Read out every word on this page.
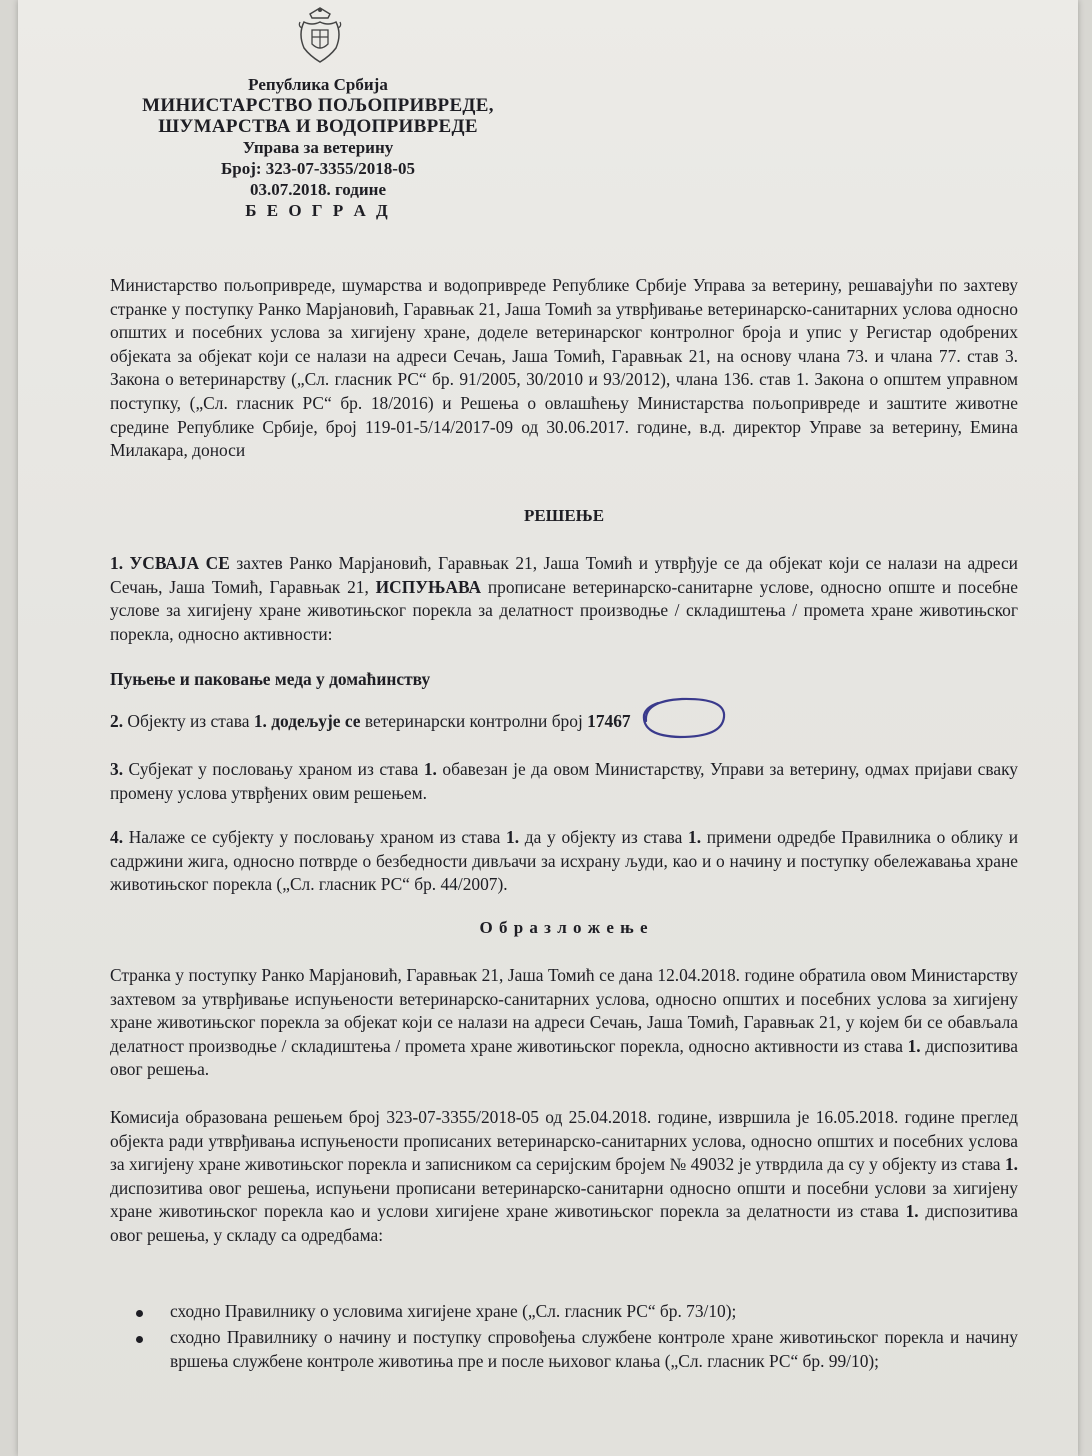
Република Србија
МИНИСТАРСТВО ПОЉОПРИВРЕДЕ,
ШУМАРСТВА И ВОДОПРИВРЕДЕ
Управа за ветерину
Број: 323-07-3355/2018-05
03.07.2018. године
Б Е О Г Р А Д

Министарство пољопривреде, шумарства и водопривреде Републике Србије Управа за ветерину, решавајући по захтеву странке у поступку Ранко Марјановић, Гаравњак 21, Јаша Томић за утврђивање ветеринарско-санитарних услова односно општих и посебних услова за хигијену хране, доделе ветеринарског контролног броја и упис у Регистар одобрених објеката за објекат који се налази на адреси Сечањ, Јаша Томић, Гаравњак 21, на основу члана 73. и члана 77. став 3. Закона о ветеринарству („Сл. гласник РС“ бр. 91/2005, 30/2010 и 93/2012), члана 136. став 1. Закона о општем управном поступку, („Сл. гласник РС“ бр. 18/2016) и Решења о овлашћењу Министарства пољопривреде и заштите животне средине Републике Србије, број 119-01-5/14/2017-09 од 30.06.2017. године, в.д. директор Управе за ветерину, Емина Милакара, доноси

РЕШЕЊЕ

1. УСВАЈА СЕ захтев Ранко Марјановић, Гаравњак 21, Јаша Томић и утврђује се да објекат који се налази на адреси Сечањ, Јаша Томић, Гаравњак 21, ИСПУЊАВА прописане ветеринарско-санитарне услове, односно опште и посебне услове за хигијену хране животињског порекла за делатност производње / складиштења / промета хране животињског порекла, односно активности:

Пуњење и паковање меда у домаћинству

2. Објекту из става 1. додељује се ветеринарски контролни број 17467

3. Субјекат у пословању храном из става 1. обавезан је да овом Министарству, Управи за ветерину, одмах пријави сваку промену услова утврђених овим решењем.

4. Налаже се субјекту у пословању храном из става 1. да у објекту из става 1. примени одредбе Правилника о облику и садржини жига, односно потврде о безбедности дивљачи за исхрану људи, као и о начину и поступку обележавања хране животињског порекла („Сл. гласник РС“ бр. 44/2007).

О б р а з л о ж е њ е

Странка у поступку Ранко Марјановић, Гаравњак 21, Јаша Томић се дана 12.04.2018. године обратила овом Министарству захтевом за утврђивање испуњености ветеринарско-санитарних услова, односно општих и посебних услова за хигијену хране животињског порекла за објекат који се налази на адреси Сечањ, Јаша Томић, Гаравњак 21, у којем би се обављала делатност производње / складиштења / промета хране животињског порекла, односно активности из става 1. диспозитива овог решења.

Комисија образована решењем број 323-07-3355/2018-05 од 25.04.2018. године, извршила је 16.05.2018. године преглед објекта ради утврђивања испуњености прописаних ветеринарско-санитарних услова, односно општих и посебних услова за хигијену хране животињског порекла и записником са серијским бројем № 49032 је утврдила да су у објекту из става 1. диспозитива овог решења, испуњени прописани ветеринарско-санитарни односно општи и посебни услови за хигијену хране животињског порекла као и услови хигијене хране животињског порекла за делатности из става 1. диспозитива овог решења, у складу са одредбама:

сходно Правилнику о условима хигијене хране („Сл. гласник РС“ бр. 73/10);
сходно Правилнику о начину и поступку спровођења службене контроле хране животињског порекла и начину вршења службене контроле животиња пре и после њиховог клања („Сл. гласник РС“ бр. 99/10);
